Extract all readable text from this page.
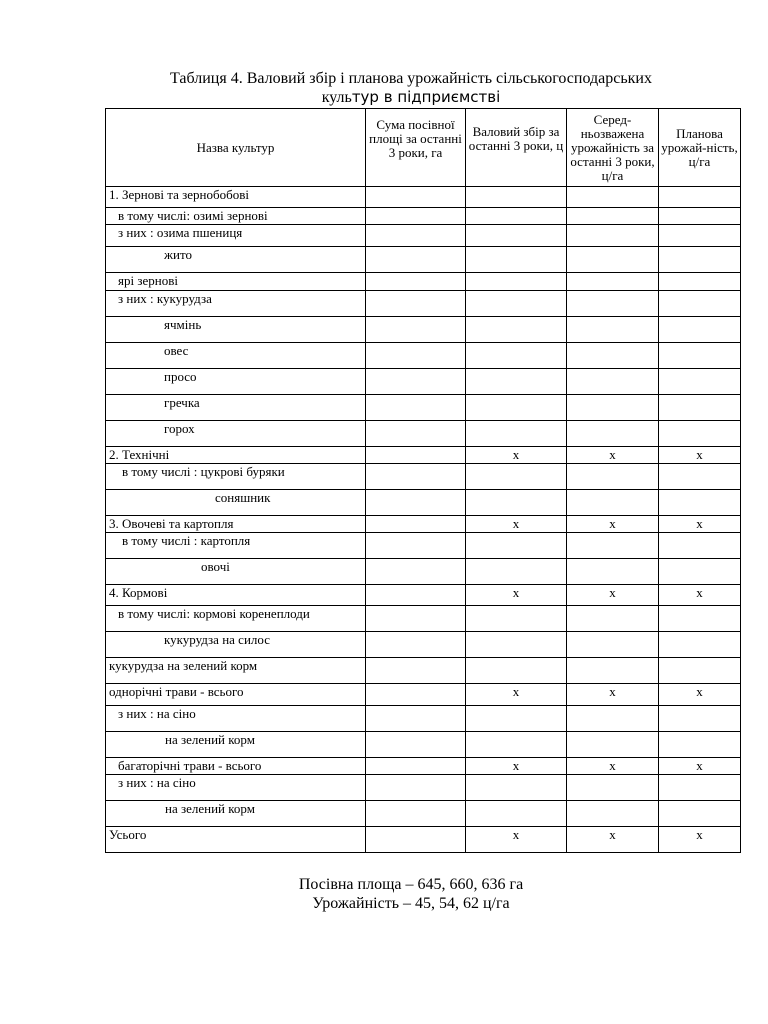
Таблиця 4. Валовий збір і планова урожайність сільськогосподарських
культур в підприємстві
Назва культур	Сума посівної площі за останні 3 роки, га	Валовий збір за останні 3 роки, ц	Серед-ньозважена урожайність за останні 3 роки, ц/га	Планова урожай-ність, ц/га
1. Зернові та зернобобові				
в тому числі: озимі зернові				
з них : озима пшениця				
жито				
ярі зернові				
з них : кукурудза				
ячмінь				
овес				
просо				
гречка				
горох				
2. Технічні		х	х	х
в тому числі : цукрові буряки				
соняшник				
3. Овочеві та картопля		х	х	х
в тому числі : картопля				
овочі				
4. Кормові		х	х	х
в тому числі: кормові коренеплоди				
кукурудза на силос				
кукурудза на зелений корм				
однорічні трави - всього		х	х	х
з них : на сіно				
на зелений корм				
багаторічні трави - всього		х	х	х
з них : на сіно				
на зелений корм				
Усього		х	х	х
Посівна площа – 645, 660, 636 га
Урожайність – 45, 54, 62 ц/га
